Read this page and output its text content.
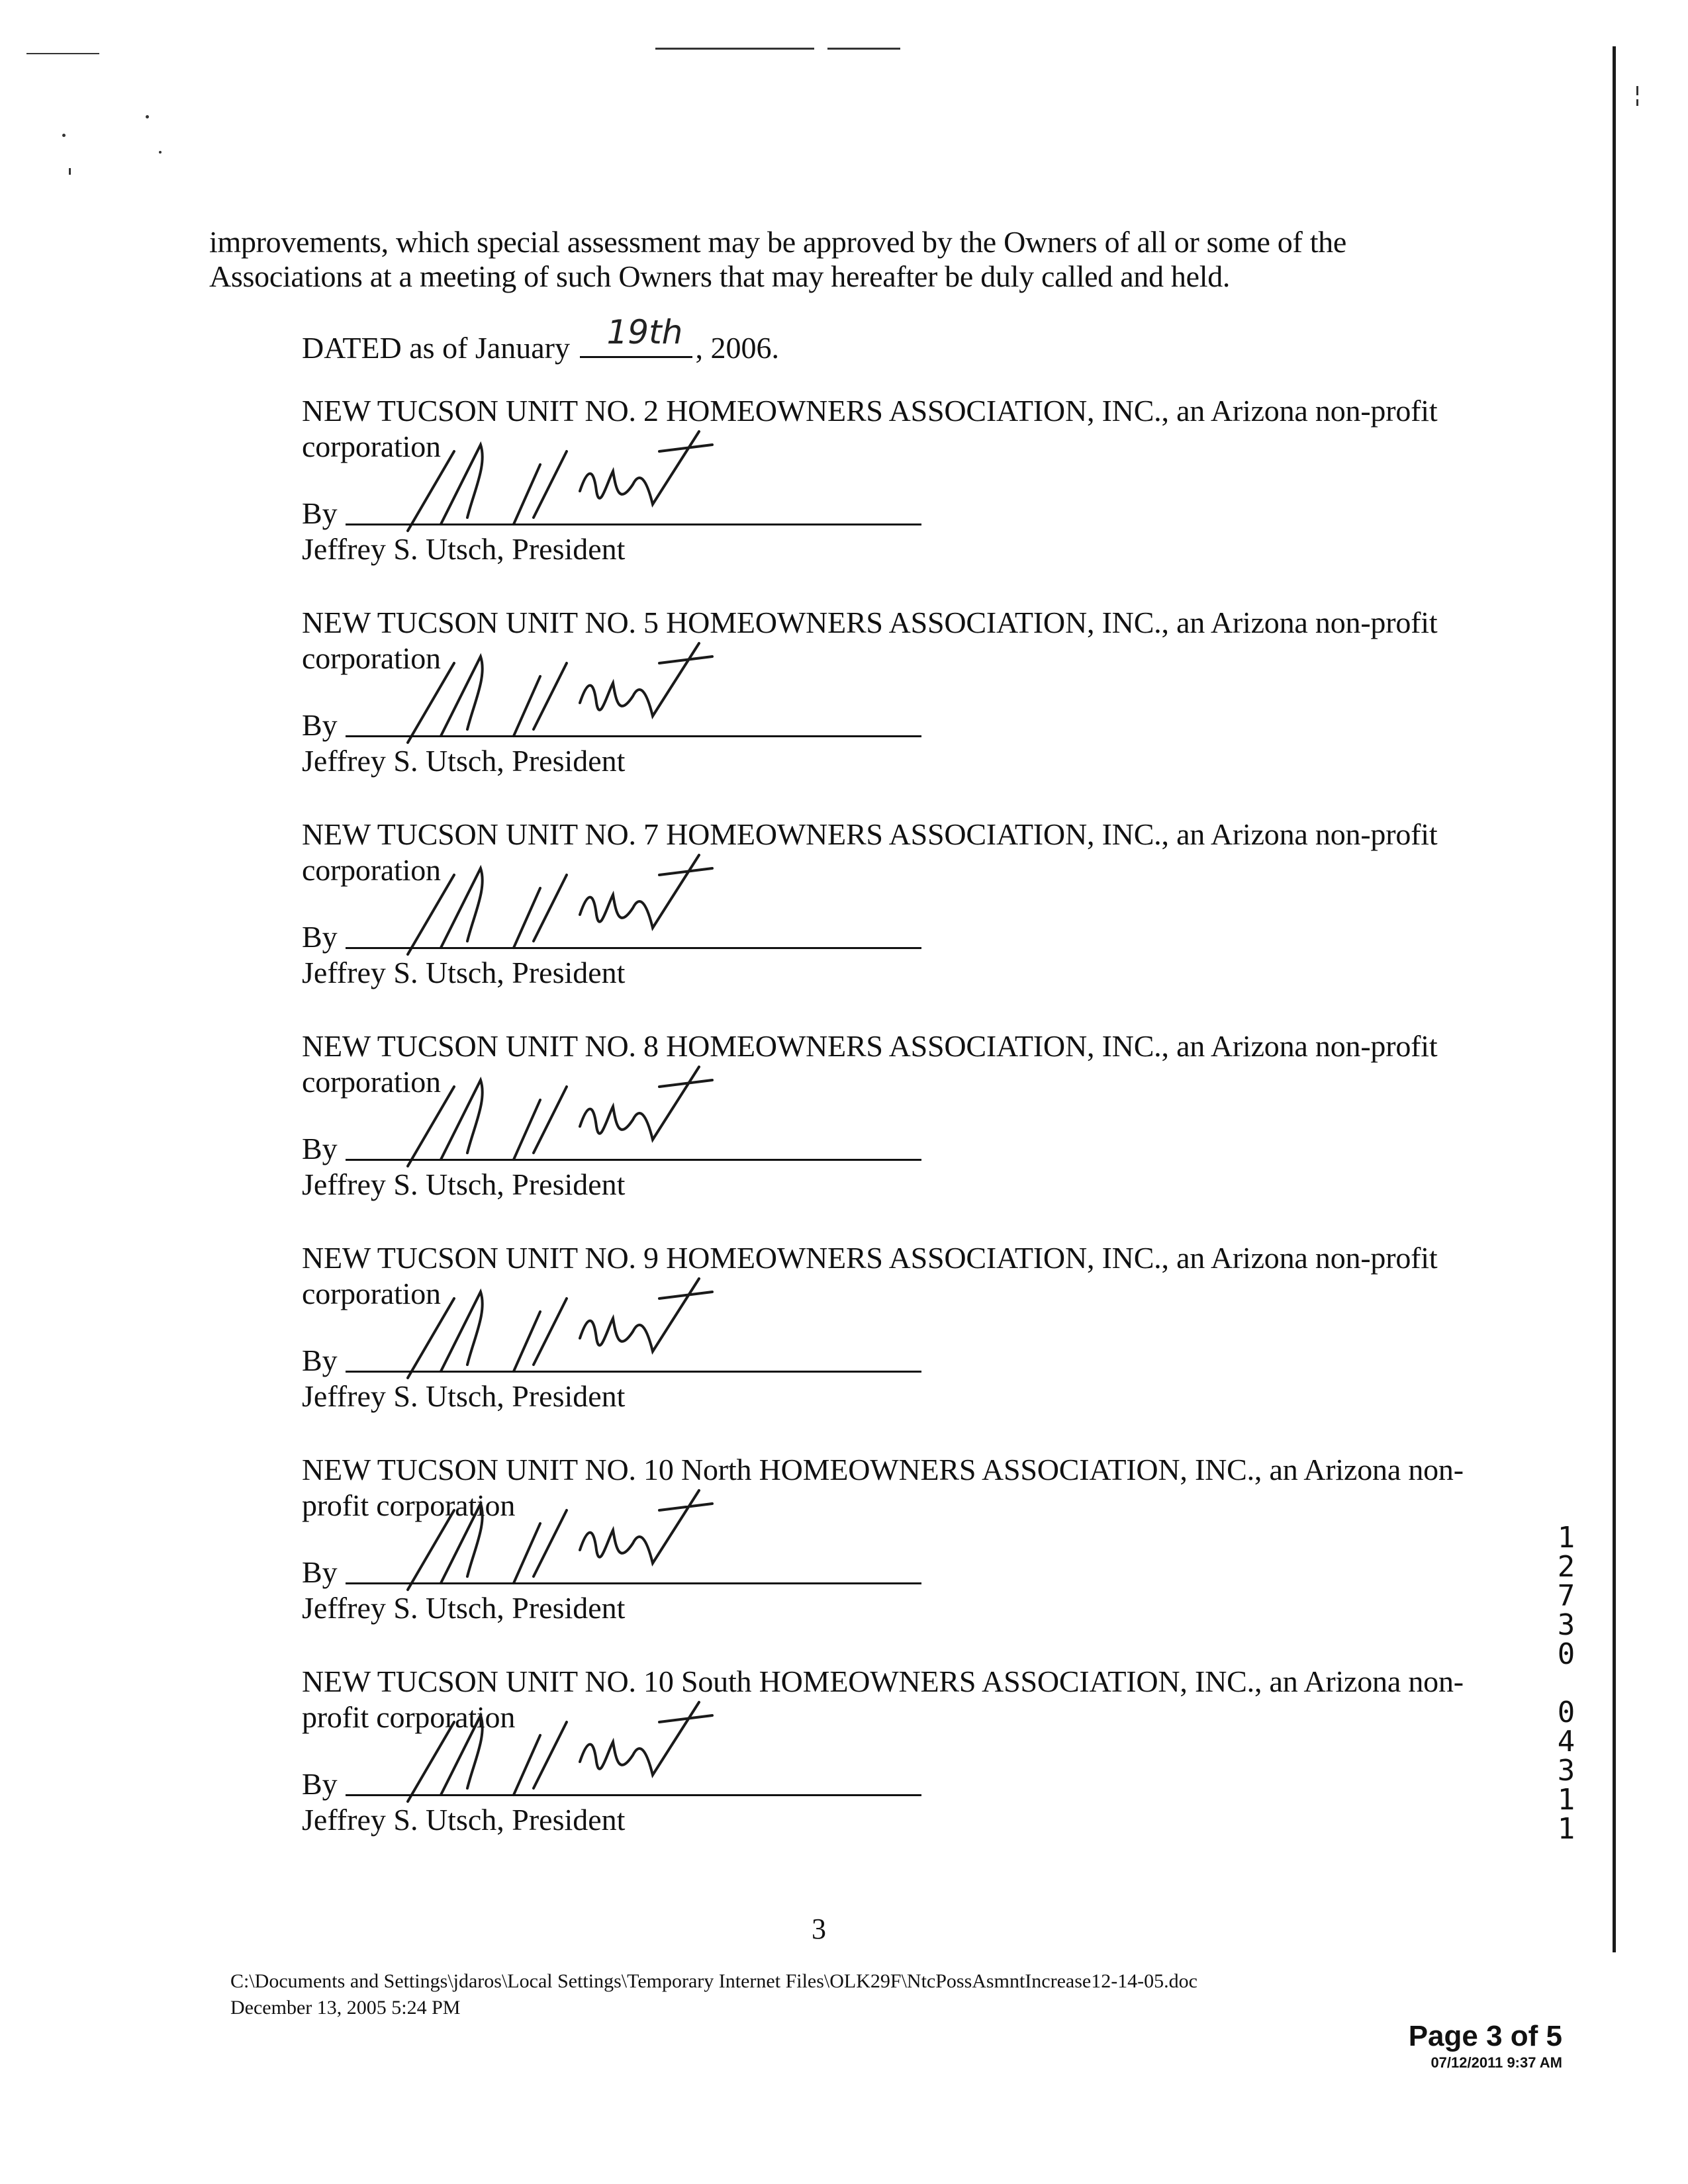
improvements, which special assessment may be approved by the Owners of all or some of the Associations at a meeting of such Owners that may hereafter be duly called and held.

DATED as of January 19th , 2006.
NEW TUCSON UNIT NO. 2 HOMEOWNERS ASSOCIATION, INC., an Arizona non-profit corporation
By
Jeffrey S. Utsch, President
NEW TUCSON UNIT NO. 5 HOMEOWNERS ASSOCIATION, INC., an Arizona non-profit corporation
By
Jeffrey S. Utsch, President
NEW TUCSON UNIT NO. 7 HOMEOWNERS ASSOCIATION, INC., an Arizona non-profit corporation
By
Jeffrey S. Utsch, President
NEW TUCSON UNIT NO. 8 HOMEOWNERS ASSOCIATION, INC., an Arizona non-profit corporation
By
Jeffrey S. Utsch, President
NEW TUCSON UNIT NO. 9 HOMEOWNERS ASSOCIATION, INC., an Arizona non-profit corporation
By
Jeffrey S. Utsch, President
NEW TUCSON UNIT NO. 10 North HOMEOWNERS ASSOCIATION, INC., an Arizona non-profit corporation
By
Jeffrey S. Utsch, President
NEW TUCSON UNIT NO. 10 South HOMEOWNERS ASSOCIATION, INC., an Arizona non-profit corporation
By
Jeffrey S. Utsch, President
1
2
7
3
0
0
4
3
1
1
3
C:\Documents and Settings\jdaros\Local Settings\Temporary Internet Files\OLK29F\NtcPossAsmntIncrease12-14-05.doc
December 13, 2005 5:24 PM
Page 3 of 5
07/12/2011 9:37 AM
